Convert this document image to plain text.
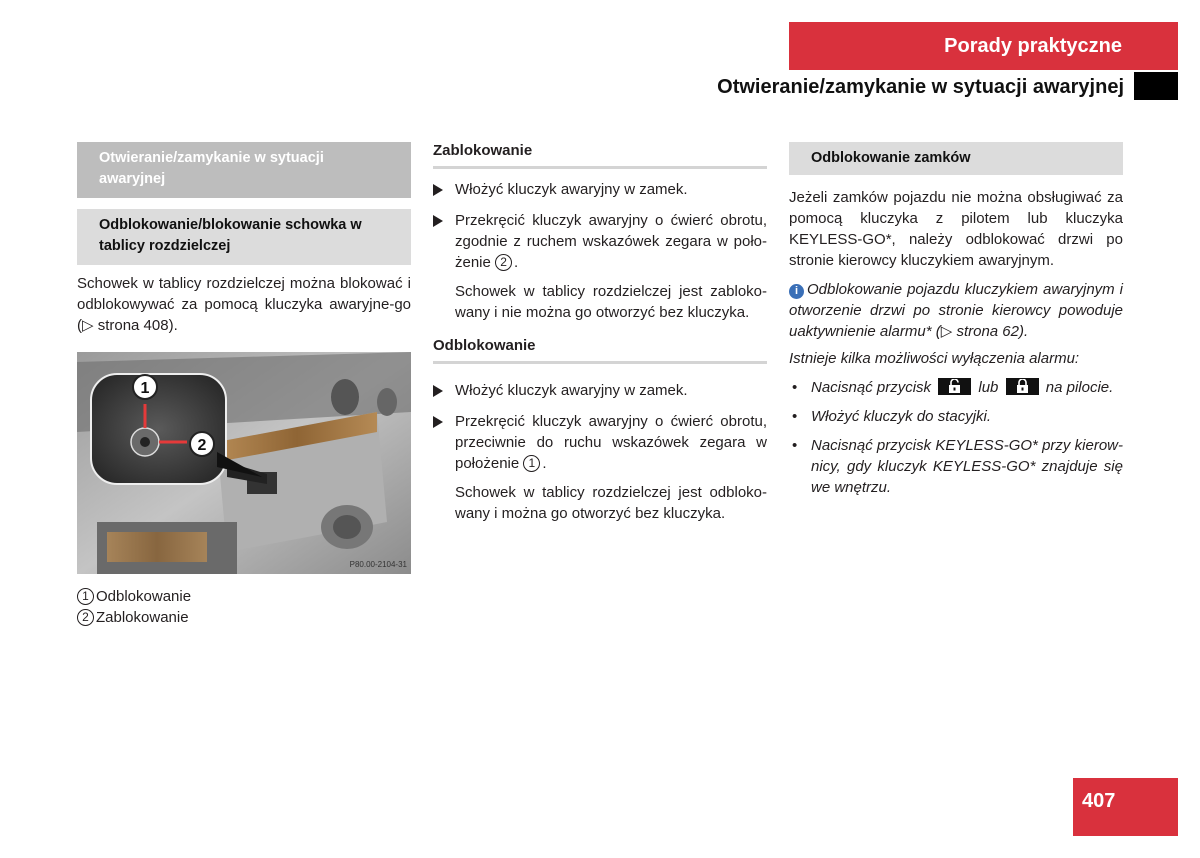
Porady praktyczne
Otwieranie/zamykanie w sytuacji awaryjnej
Otwieranie/zamykanie w sytuacji awaryjnej
Odblokowanie/blokowanie schowka w tablicy rozdzielczej

Schowek w tablicy rozdzielczej można blokować i odblokowywać za pomocą kluczyka awaryjne-go (▷ strona 408).

1
2
P80.00-2104-31
1 Odblokowanie
2 Zablokowanie
Zablokowanie
Włożyć kluczyk awaryjny w zamek.
Przekręcić kluczyk awaryjny o ćwierć obrotu, zgodnie z ruchem wskazówek zegara w poło-żenie 2 .
Schowek w tablicy rozdzielczej jest zabloko-wany i nie można go otworzyć bez kluczyka.
Odblokowanie
Włożyć kluczyk awaryjny w zamek.
Przekręcić kluczyk awaryjny o ćwierć obrotu, przeciwnie do ruchu wskazówek zegara w położenie 1 .
Schowek w tablicy rozdzielczej jest odbloko-wany i można go otworzyć bez kluczyka.
Odblokowanie zamków

Jeżeli zamków pojazdu nie można obsługiwać za pomocą kluczyka z pilotem lub kluczyka KEYLESS-GO*, należy odblokować drzwi po stronie kierowcy kluczykiem awaryjnym.

i Odblokowanie pojazdu kluczykiem awaryjnym i otworzenie drzwi po stronie kierowcy powoduje uaktywnienie alarmu* (▷ strona 62).
Istnieje kilka możliwości wyłączenia alarmu:
• Nacisnąć przycisk	lub	na pilocie.
• Włożyć kluczyk do stacyjki.
• Nacisnąć przycisk KEYLESS-GO* przy kierow-nicy, gdy kluczyk KEYLESS-GO* znajduje się we wnętrzu.
407
